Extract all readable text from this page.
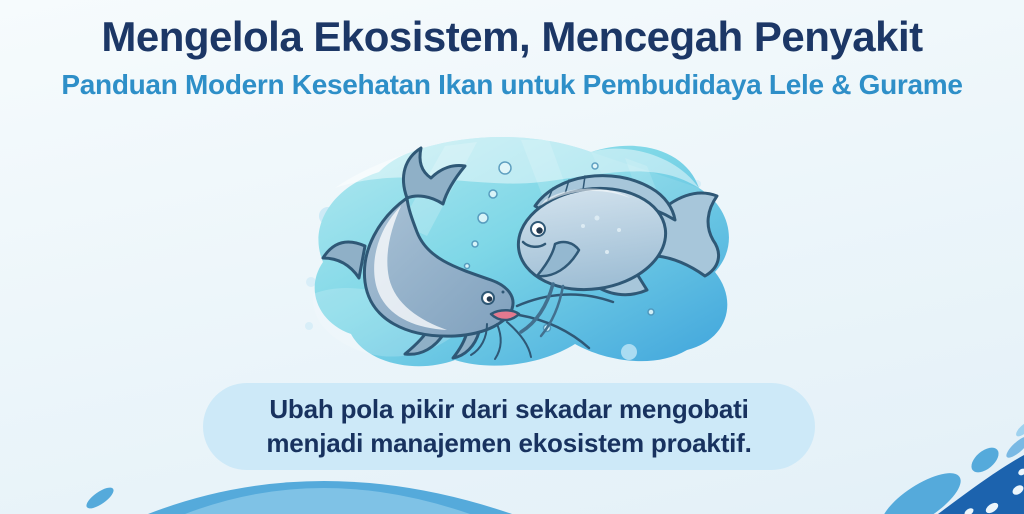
Mengelola Ekosistem, Mencegah Penyakit
Panduan Modern Kesehatan Ikan untuk Pembudidaya Lele & Gurame

Ubah pola pikir dari sekadar mengobati

menjadi manajemen ekosistem proaktif.
